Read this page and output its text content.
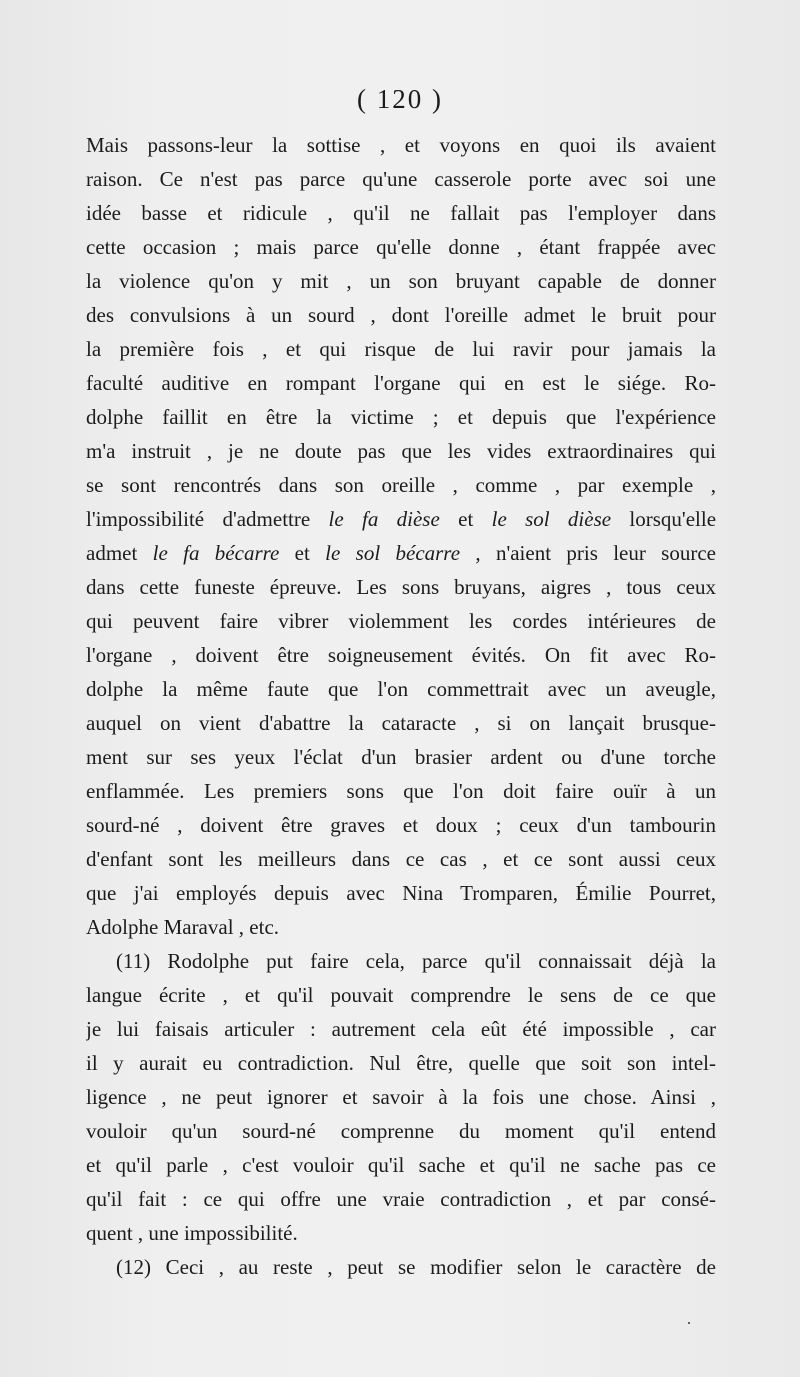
( 120 )
Mais passons-leur la sottise , et voyons en quoi ils avaient
raison. Ce n'est pas parce qu'une casserole porte avec soi une
idée basse et ridicule , qu'il ne fallait pas l'employer dans
cette occasion ; mais parce qu'elle donne , étant frappée avec
la violence qu'on y mit , un son bruyant capable de donner
des convulsions à un sourd , dont l'oreille admet le bruit pour
la première fois , et qui risque de lui ravir pour jamais la
faculté auditive en rompant l'organe qui en est le siége. Ro-
dolphe faillit en être la victime ; et depuis que l'expérience
m'a instruit , je ne doute pas que les vides extraordinaires qui
se sont rencontrés dans son oreille , comme , par exemple ,
l'impossibilité d'admettre le fa dièse et le sol dièse lorsqu'elle
admet le fa bécarre et le sol bécarre , n'aient pris leur source
dans cette funeste épreuve. Les sons bruyans, aigres , tous ceux
qui peuvent faire vibrer violemment les cordes intérieures de
l'organe , doivent être soigneusement évités. On fit avec Ro-
dolphe la même faute que l'on commettrait avec un aveugle,
auquel on vient d'abattre la cataracte , si on lançait brusque-
ment sur ses yeux l'éclat d'un brasier ardent ou d'une torche
enflammée. Les premiers sons que l'on doit faire ouïr à un
sourd-né , doivent être graves et doux ; ceux d'un tambourin
d'enfant sont les meilleurs dans ce cas , et ce sont aussi ceux
que j'ai employés depuis avec Nina Tromparen, Émilie Pourret,
Adolphe Maraval , etc.
(11) Rodolphe put faire cela, parce qu'il connaissait déjà la
langue écrite , et qu'il pouvait comprendre le sens de ce que
je lui faisais articuler : autrement cela eût été impossible , car
il y aurait eu contradiction. Nul être, quelle que soit son intel-
ligence , ne peut ignorer et savoir à la fois une chose. Ainsi ,
vouloir qu'un sourd-né comprenne du moment qu'il entend
et qu'il parle , c'est vouloir qu'il sache et qu'il ne sache pas ce
qu'il fait : ce qui offre une vraie contradiction , et par consé-
quent , une impossibilité.
(12) Ceci , au reste , peut se modifier selon le caractère de
